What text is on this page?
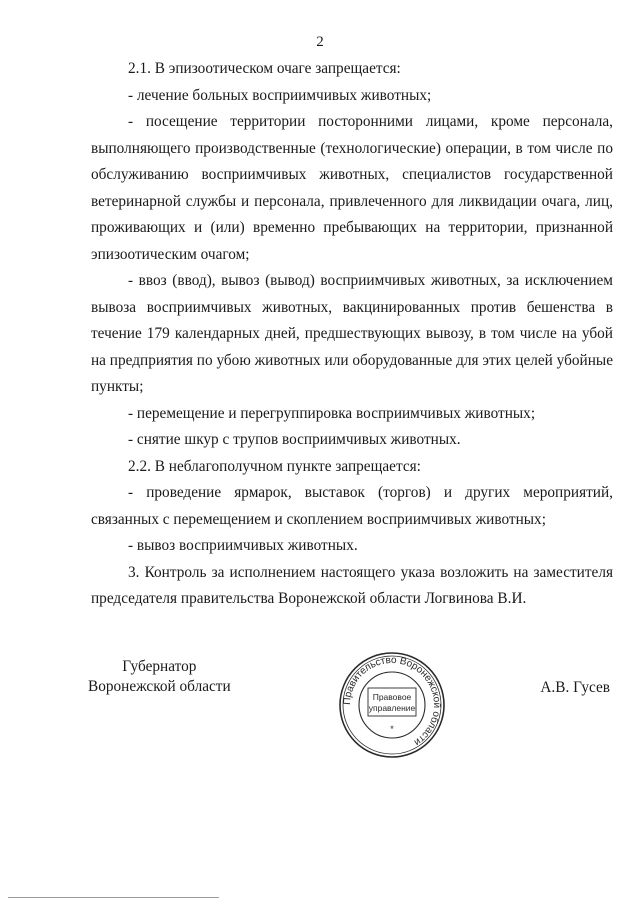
2

2.1. В эпизоотическом очаге запрещается:

- лечение больных восприимчивых животных;

- посещение территории посторонними лицами, кроме персонала, выполняющего производственные (технологические) операции, в том числе по обслуживанию восприимчивых животных, специалистов государственной ветеринарной службы и персонала, привлеченного для ликвидации очага, лиц, проживающих и (или) временно пребывающих на территории, признанной эпизоотическим очагом;

- ввоз (ввод), вывоз (вывод) восприимчивых животных, за исключением вывоза восприимчивых животных, вакцинированных против бешенства в течение 179 календарных дней, предшествующих вывозу, в том числе на убой на предприятия по убою животных или оборудованные для этих целей убойные пункты;

- перемещение и перегруппировка восприимчивых животных;

- снятие шкур с трупов восприимчивых животных.

2.2. В неблагополучном пункте запрещается:

- проведение ярмарок, выставок (торгов) и других мероприятий, связанных с перемещением и скоплением восприимчивых животных;

- вывоз восприимчивых животных.

3. Контроль за исполнением настоящего указа возложить на заместителя председателя правительства Воронежской области Логвинова В.И.

Губернатор
Воронежской области
Правительство Воронежской области
Правовое
управление
*
А.В. Гусев
